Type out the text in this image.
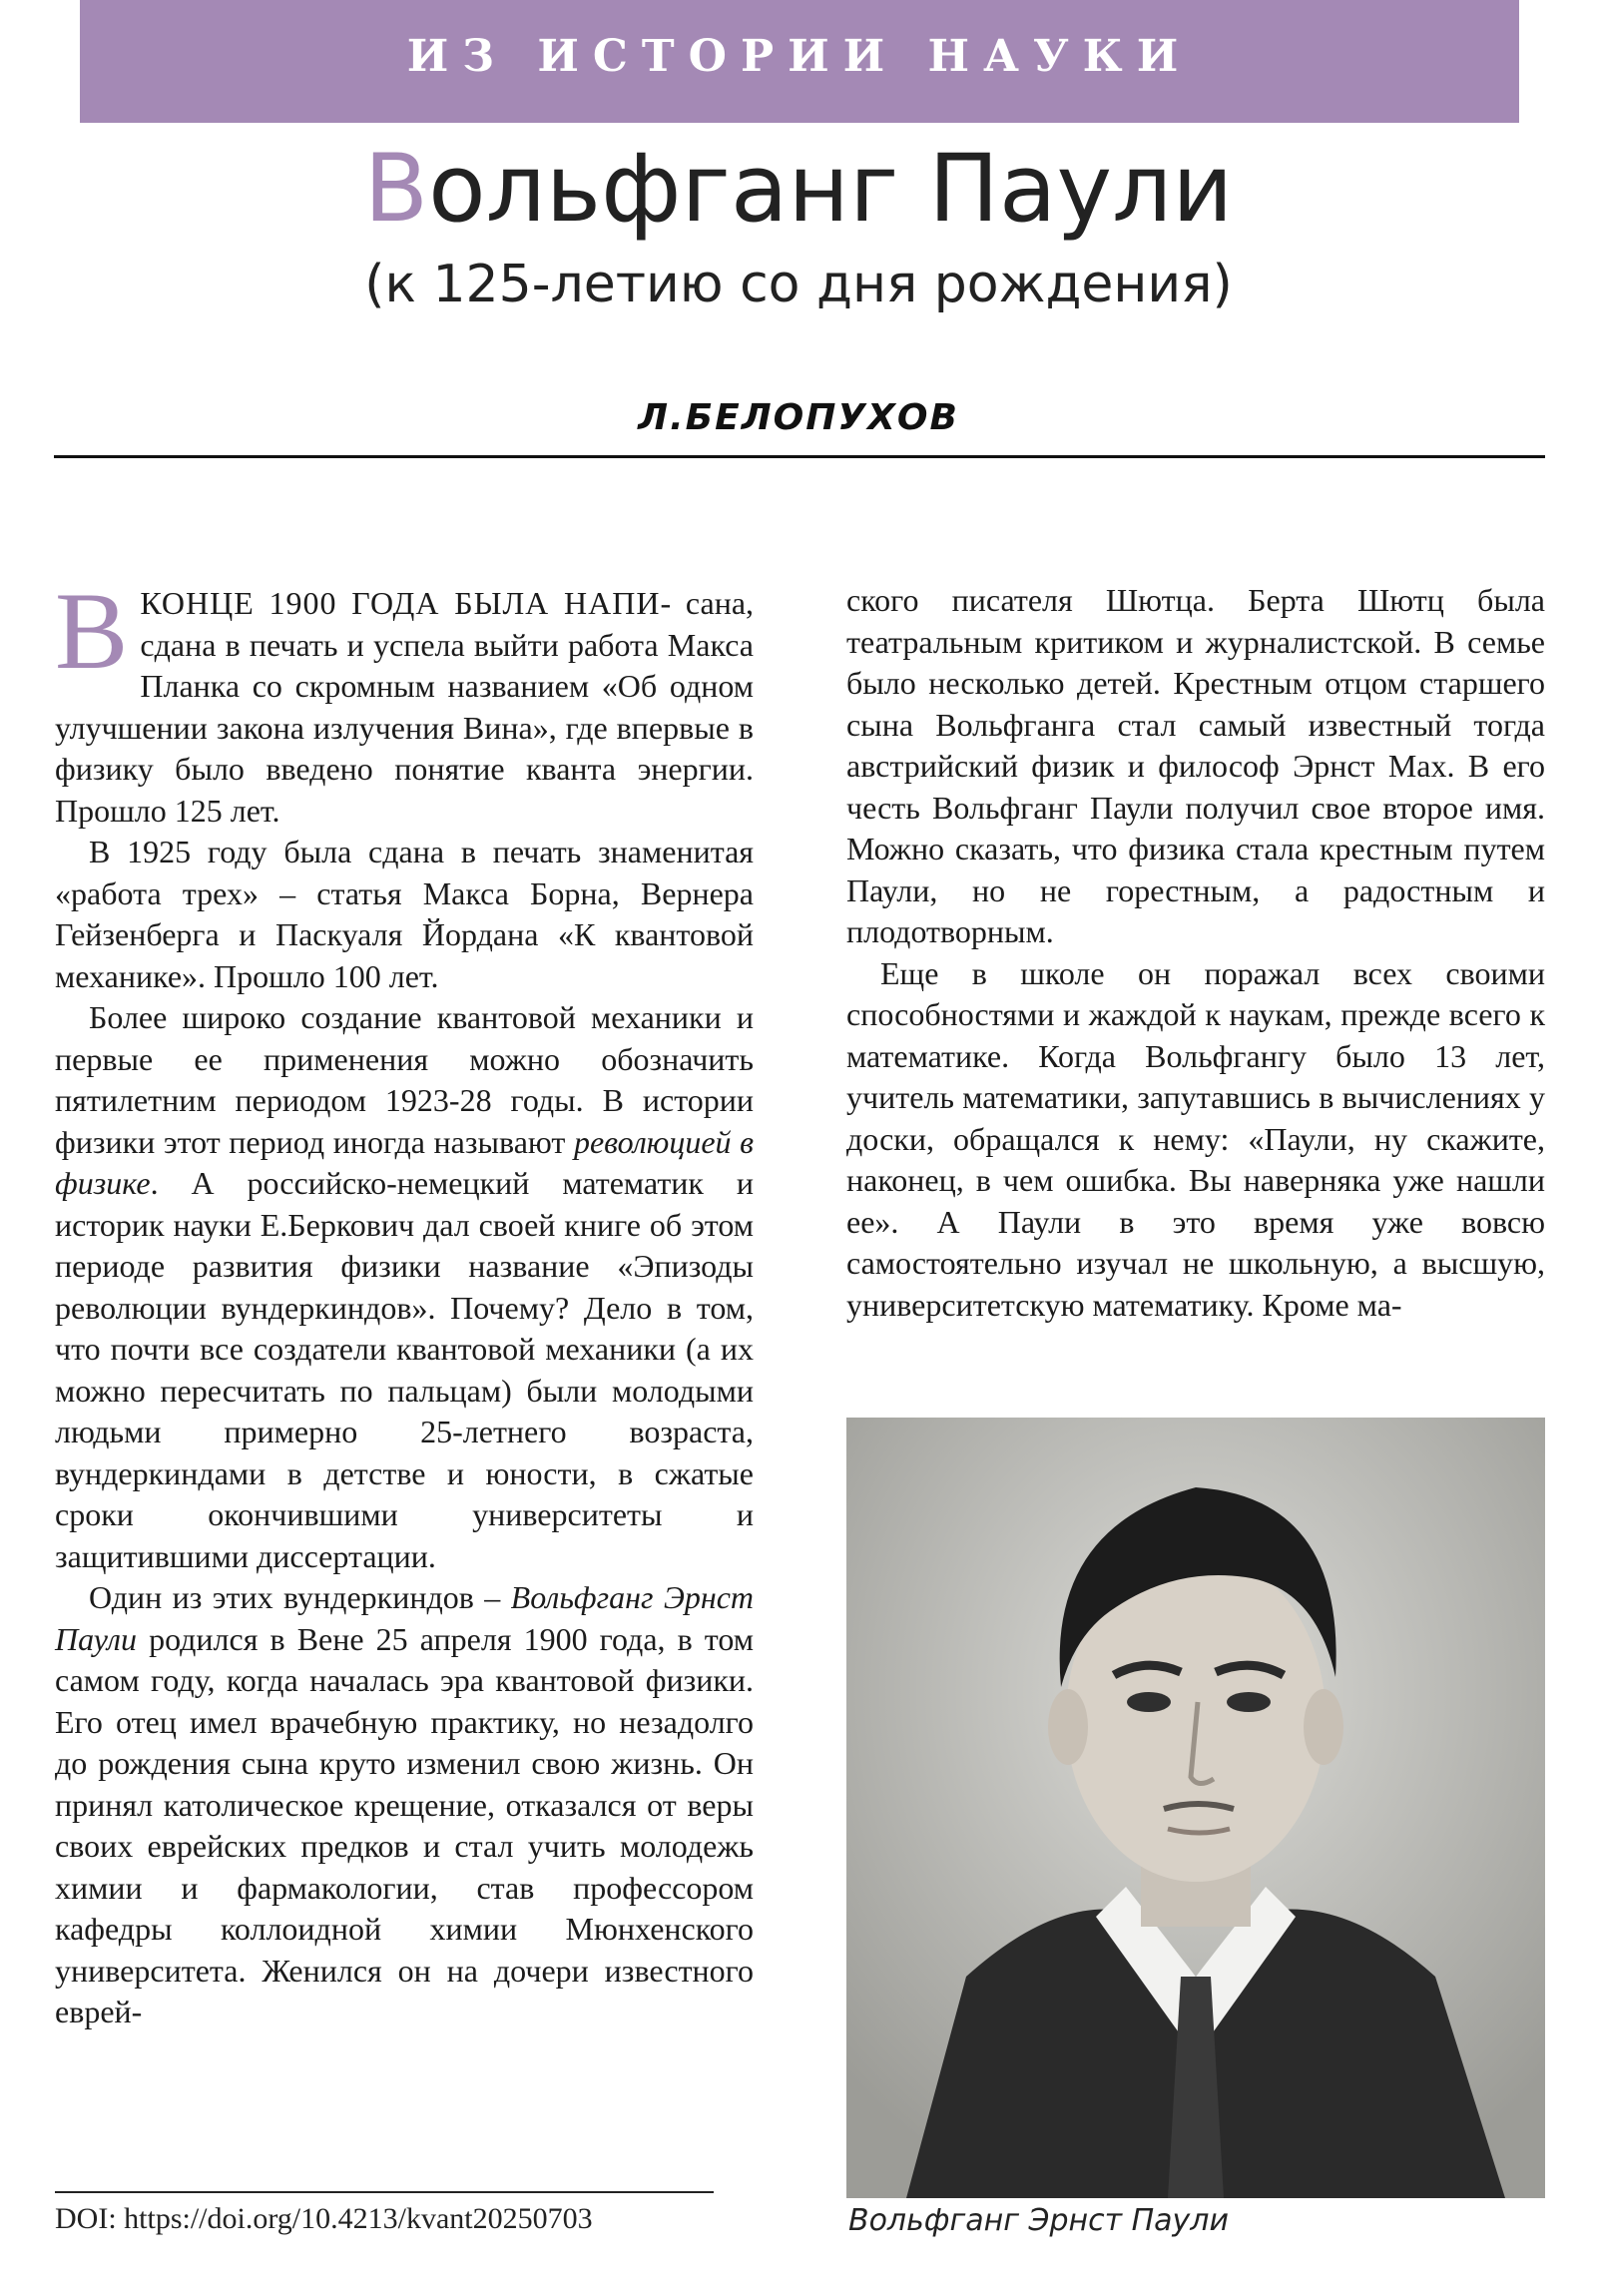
ИЗ ИСТОРИИ НАУКИ
Вольфганг Паули
(к 125-летию со дня рождения)
Л.БЕЛОПУХОВ

ВКОНЦЕ 1900 ГОДА БЫЛА НАПИ- сана, сдана в печать и успела выйти работа Макса Планка со скромным названием «Об одном улучшении закона излучения Вина», где впервые в физику было введено понятие кванта энергии. Прошло 125 лет.

В 1925 году была сдана в печать знаменитая «работа трех» – статья Макса Борна, Вернера Гейзенберга и Паскуаля Йордана «К квантовой механике». Прошло 100 лет.

Более широко создание квантовой механики и первые ее применения можно обозначить пятилетним периодом 1923-28 годы. В истории физики этот период иногда называют революцией в физике. А российско-немецкий математик и историк науки Е.Беркович дал своей книге об этом периоде развития физики название «Эпизоды революции вундеркиндов». Почему? Дело в том, что почти все создатели квантовой механики (а их можно пересчитать по пальцам) были молодыми людьми примерно 25-летнего возраста, вундеркиндами в детстве и юности, в сжатые сроки окончившими университеты и защитившими диссертации.

Один из этих вундеркиндов – Вольфганг Эрнст Паули родился в Вене 25 апреля 1900 года, в том самом году, когда началась эра квантовой физики. Его отец имел врачебную практику, но незадолго до рождения сына круто изменил свою жизнь. Он принял католическое крещение, отказался от веры своих еврейских предков и стал учить молодежь химии и фармакологии, став профессором кафедры коллоидной химии Мюнхенского университета. Женился он на дочери известного еврей-

ского писателя Шютца. Берта Шютц была театральным критиком и журналистской. В семье было несколько детей. Крестным отцом старшего сына Вольфганга стал самый известный тогда австрийский физик и философ Эрнст Мах. В его честь Вольфганг Паули получил свое второе имя. Можно сказать, что физика стала крестным путем Паули, но не горестным, а радостным и плодотворным.

Еще в школе он поражал всех своими способностями и жаждой к наукам, прежде всего к математике. Когда Вольфгангу было 13 лет, учитель математики, запутавшись в вычислениях у доски, обращался к нему: «Паули, ну скажите, наконец, в чем ошибка. Вы наверняка уже нашли ее». А Паули в это время уже вовсю самостоятельно изучал не школьную, а высшую, университетскую математику. Кроме ма-

Вольфганг Эрнст Паули
DOI: https://doi.org/10.4213/kvant20250703
